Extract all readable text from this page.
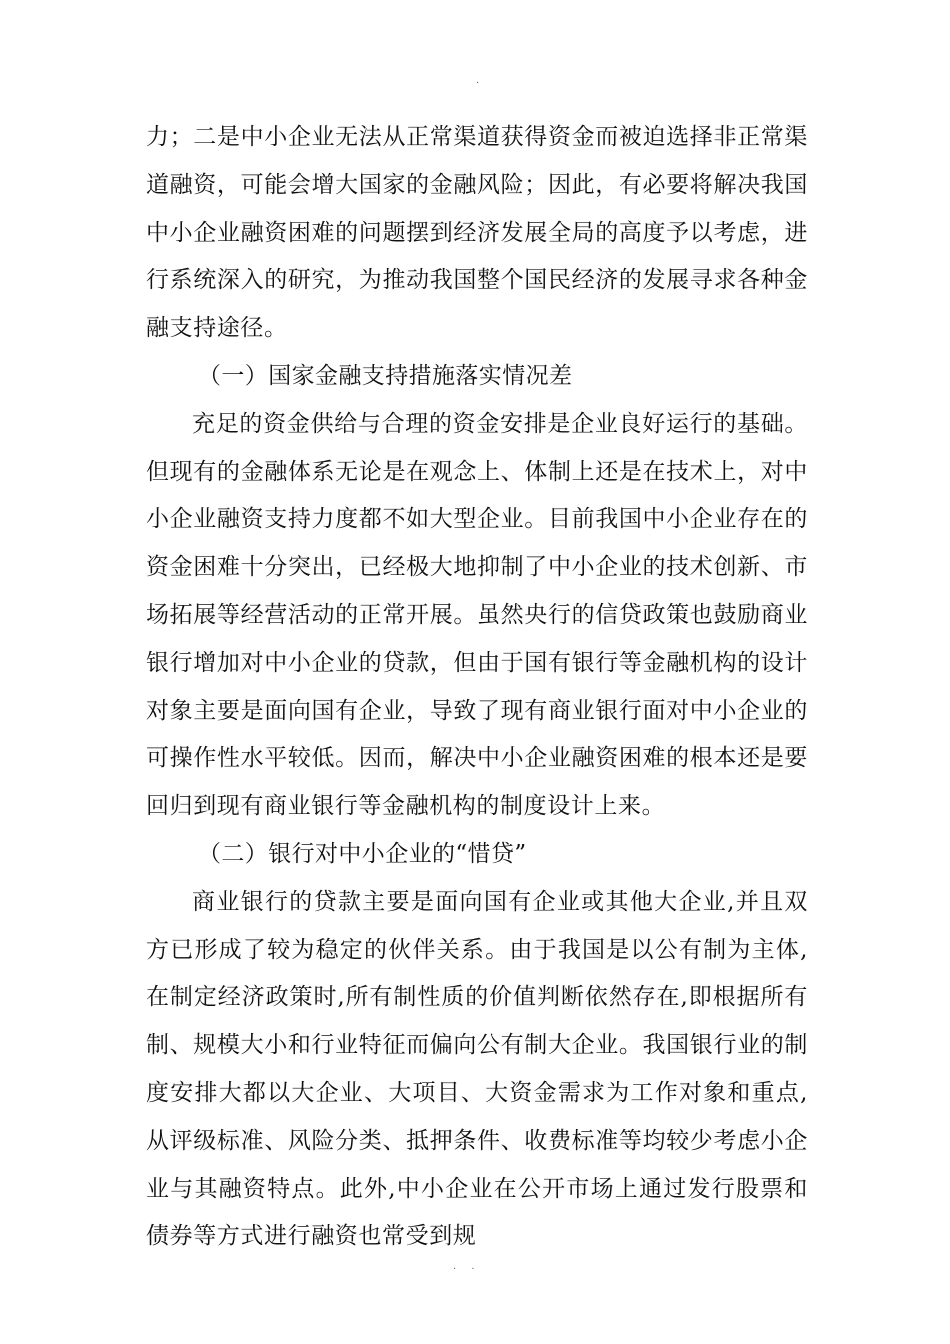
.

力；二是中小企业无法从正常渠道获得资金而被迫选择非正常渠道融资，可能会增大国家的金融风险；因此，有必要将解决我国中小企业融资困难的问题摆到经济发展全局的高度予以考虑，进行系统深入的研究，为推动我国整个国民经济的发展寻求各种金融支持途径。

（一）国家金融支持措施落实情况差

充足的资金供给与合理的资金安排是企业良好运行的基础。但现有的金融体系无论是在观念上、体制上还是在技术上，对中小企业融资支持力度都不如大型企业。目前我国中小企业存在的资金困难十分突出，已经极大地抑制了中小企业的技术创新、市场拓展等经营活动的正常开展。虽然央行的信贷政策也鼓励商业银行增加对中小企业的贷款，但由于国有银行等金融机构的设计对象主要是面向国有企业，导致了现有商业银行面对中小企业的可操作性水平较低。因而，解决中小企业融资困难的根本还是要回归到现有商业银行等金融机构的制度设计上来。

（二）银行对中小企业的“惜贷”

商业银行的贷款主要是面向国有企业或其他大企业,并且双方已形成了较为稳定的伙伴关系。由于我国是以公有制为主体,在制定经济政策时,所有制性质的价值判断依然存在,即根据所有制、规模大小和行业特征而偏向公有制大企业。我国银行业的制度安排大都以大企业、大项目、大资金需求为工作对象和重点,从评级标准、风险分类、抵押条件、收费标准等均较少考虑小企业与其融资特点。此外,中小企业在公开市场上通过发行股票和债券等方式进行融资也常受到规

. .
